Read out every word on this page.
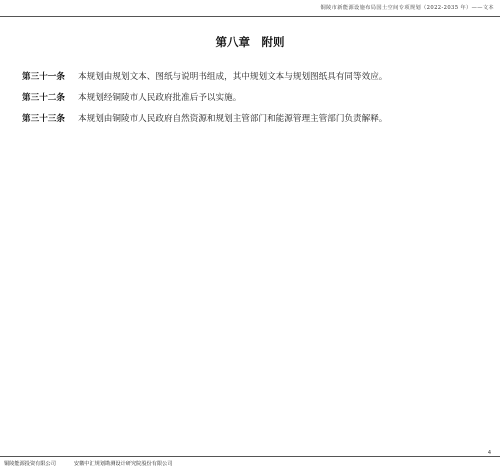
铜陵市新能源设施布局国土空间专项规划（2022-2035 年）——文本
第八章　附则
第三十一条	本规划由规划文本、图纸与说明书组成，其中规划文本与规划图纸具有同等效应。
第三十二条	本规划经铜陵市人民政府批准后予以实施。
第三十三条	本规划由铜陵市人民政府自然资源和规划主管部门和能源管理主管部门负责解释。
4
铜陵能源投资有限公司	安徽中汇规划勘测设计研究院股份有限公司
